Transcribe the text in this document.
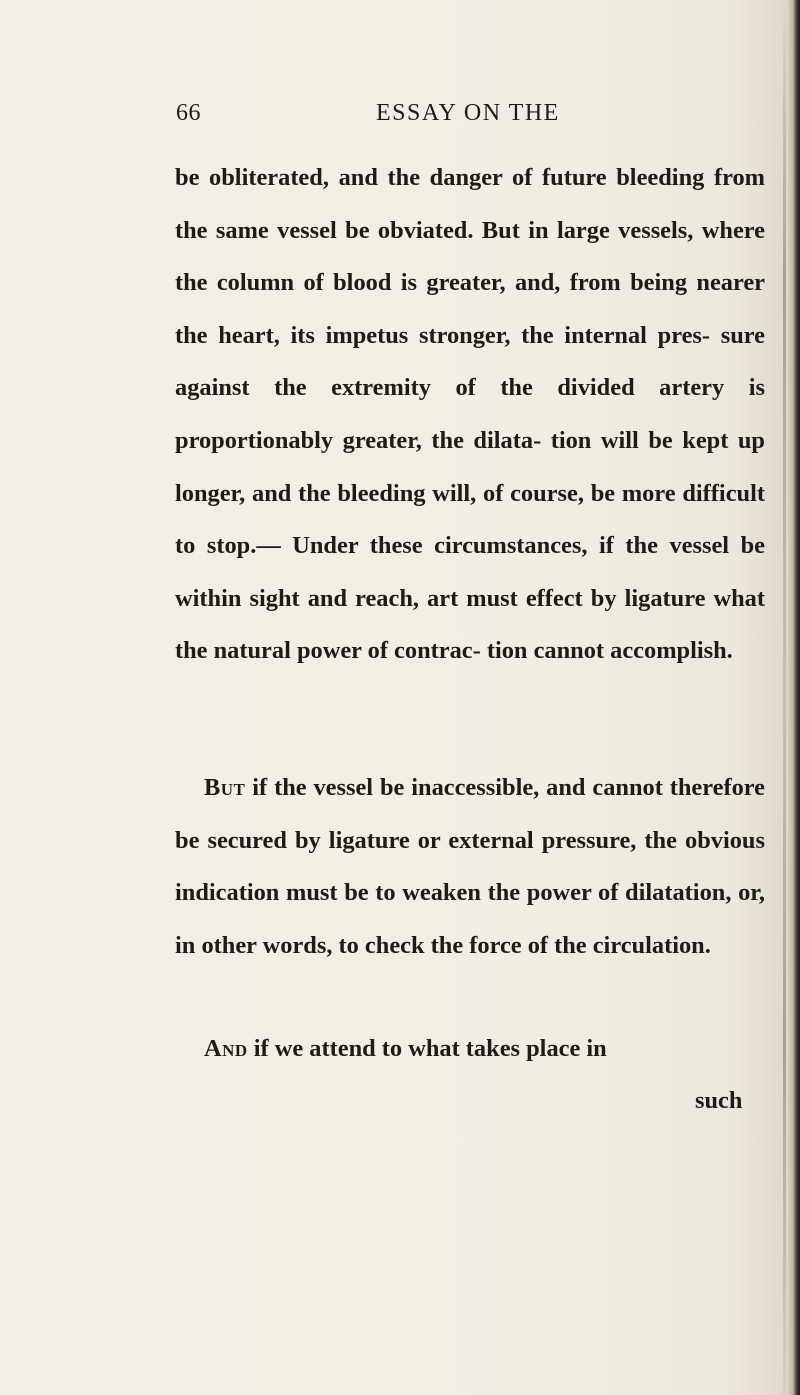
66	ESSAY ON THE

be obliterated, and the danger of future bleeding from the same vessel be obviated. But in large vessels, where the column of blood is greater, and, from being nearer the heart, its impetus stronger, the internal pres- sure against the extremity of the divided artery is proportionably greater, the dilata- tion will be kept up longer, and the bleeding will, of course, be more difficult to stop.— Under these circumstances, if the vessel be within sight and reach, art must effect by ligature what the natural power of contrac- tion cannot accomplish.

But if the vessel be inaccessible, and cannot therefore be secured by ligature or external pressure, the obvious indication must be to weaken the power of dilatation, or, in other words, to check the force of the circulation.

And if we attend to what takes place in

such
